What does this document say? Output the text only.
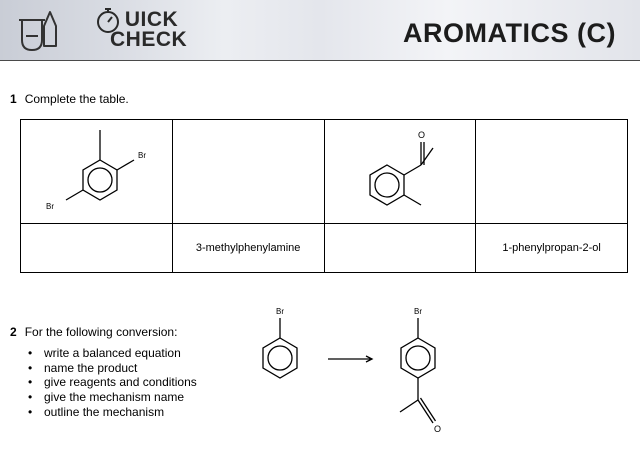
UICK
CHECK	AROMATICS (C)
1 Complete the table.
Br
Br		O	

	3-methylphenylamine		1-phenylpropan-2-ol
2 For the following conversion:
• write a balanced equation
• name the product
• give reagents and conditions
• give the mechanism name
• outline the mechanism
Br	Br
O
